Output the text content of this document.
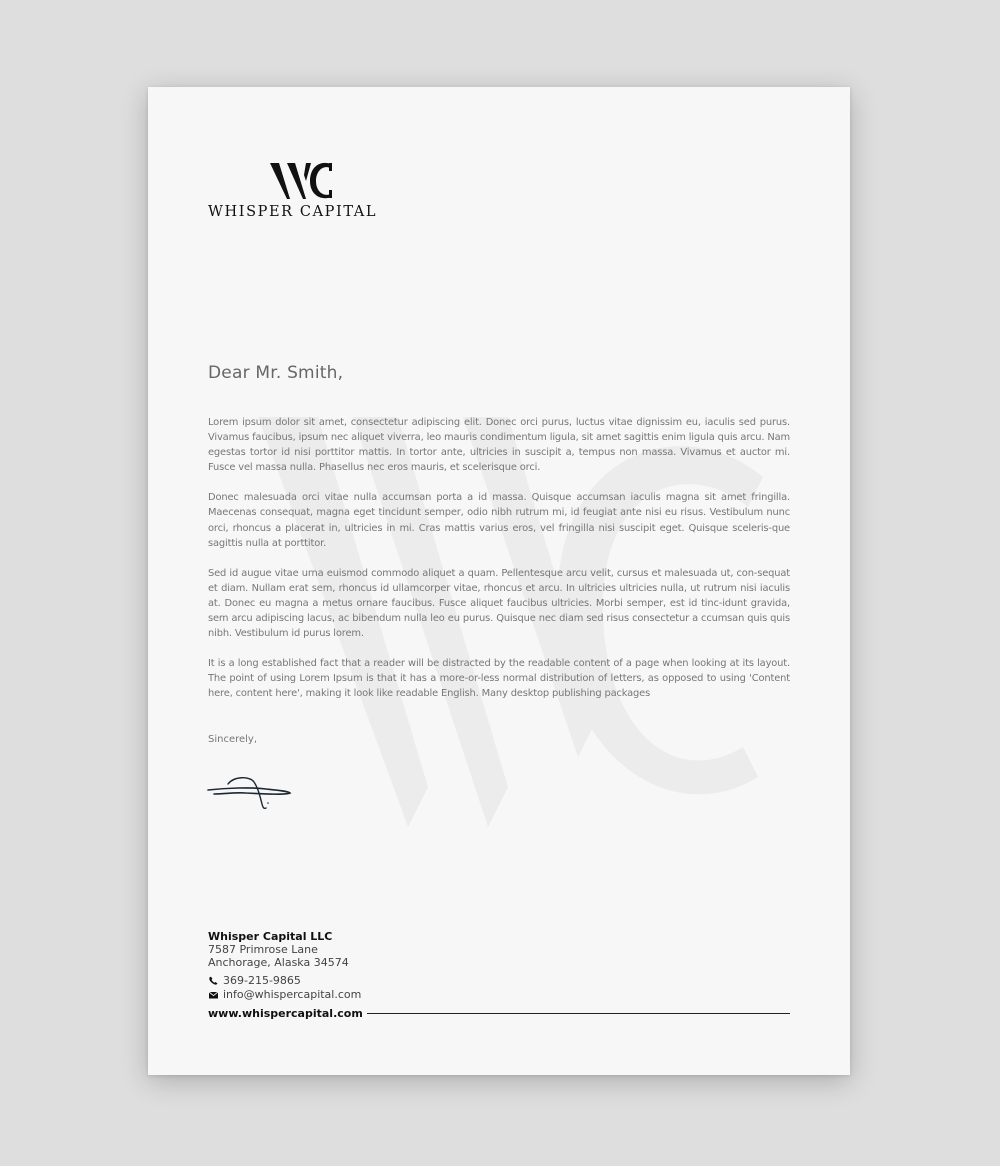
WHISPER CAPITAL
Dear Mr. Smith,

Lorem ipsum dolor sit amet, consectetur adipiscing elit. Donec orci purus, luctus vitae dignissim eu, iaculis sed purus. Vivamus faucibus, ipsum nec aliquet viverra, leo mauris condimentum ligula, sit amet sagittis enim ligula quis arcu. Nam egestas tortor id nisi porttitor mattis. In tortor ante, ultricies in suscipit a, tempus non massa. Vivamus et auctor mi. Fusce vel massa nulla. Phasellus nec eros mauris, et scelerisque orci.

Donec malesuada orci vitae nulla accumsan porta a id massa. Quisque accumsan iaculis magna sit amet fringilla. Maecenas consequat, magna eget tincidunt semper, odio nibh rutrum mi, id feugiat ante nisi eu risus. Vestibulum nunc orci, rhoncus a placerat in, ultricies in mi. Cras mattis varius eros, vel fringilla nisi suscipit eget. Quisque sceleris-que sagittis nulla at porttitor.

Sed id augue vitae urna euismod commodo aliquet a quam. Pellentesque arcu velit, cursus et malesuada ut, con-sequat et diam. Nullam erat sem, rhoncus id ullamcorper vitae, rhoncus et arcu. In ultricies ultricies nulla, ut rutrum nisi iaculis at. Donec eu magna a metus ornare faucibus. Fusce aliquet faucibus ultricies. Morbi semper, est id tinc-idunt gravida, sem arcu adipiscing lacus, ac bibendum nulla leo eu purus. Quisque nec diam sed risus consectetur a ccumsan quis quis nibh. Vestibulum id purus lorem.

It is a long established fact that a reader will be distracted by the readable content of a page when looking at its layout. The point of using Lorem Ipsum is that it has a more-or-less normal distribution of letters, as opposed to using 'Content here, content here', making it look like readable English. Many desktop publishing packages

Sincerely,
Whisper Capital LLC
7587 Primrose Lane
Anchorage, Alaska 34574
369-215-9865
info@whispercapital.com
www.whispercapital.com
